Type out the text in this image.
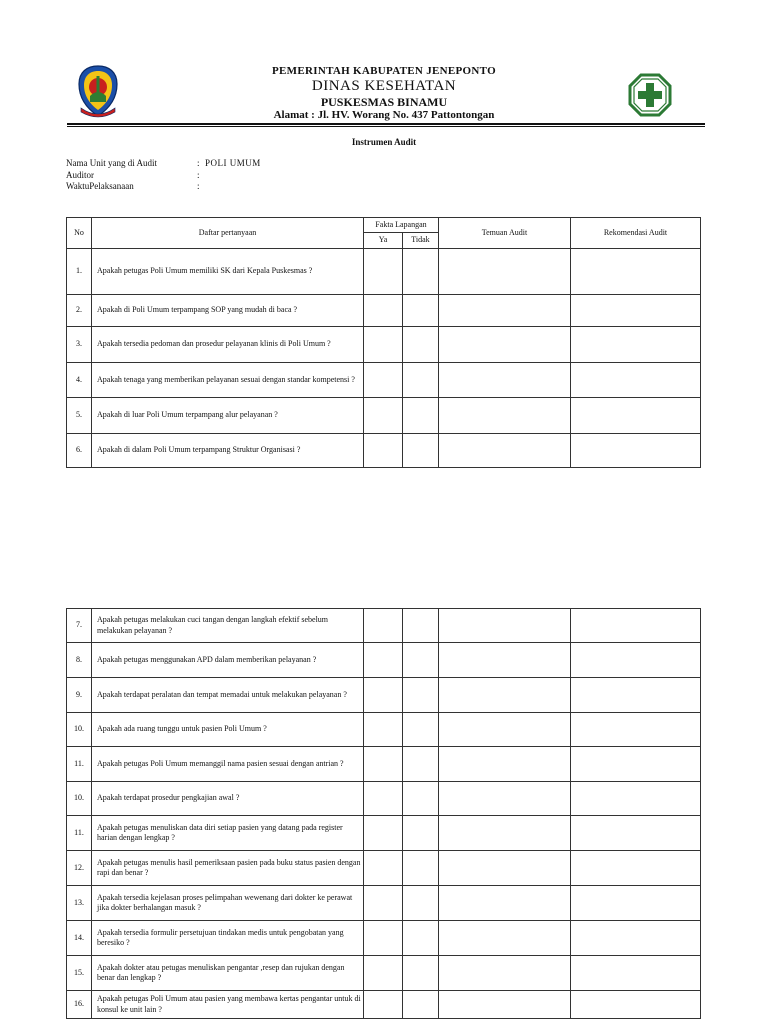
PEMERINTAH KABUPATEN JENEPONTO
DINAS KESEHATAN
PUSKESMAS BINAMU
Alamat : Jl. HV. Worang No. 437 Pattontongan
Instrumen Audit
Nama Unit yang di Audit	: POLI UMUM
Auditor	:
WaktuPelaksanaan	:
No	Daftar pertanyaan	Fakta Lapangan		Temuan Audit	Rekomendasi Audit
		Ya	Tidak		
1.	Apakah petugas Poli Umum memiliki SK dari Kepala Puskesmas ?				
2.	Apakah di Poli Umum terpampang SOP yang mudah di baca ?				
3.	Apakah tersedia pedoman dan prosedur pelayanan klinis di Poli Umum ?				
4.	Apakah tenaga yang memberikan pelayanan sesuai dengan standar kompetensi ?				
5.	Apakah di luar Poli Umum terpampang alur pelayanan ?				
6.	Apakah di dalam Poli Umum terpampang Struktur Organisasi ?				
7.	Apakah petugas melakukan cuci tangan dengan langkah efektif sebelum melakukan pelayanan ?				
8.	Apakah petugas menggunakan APD dalam memberikan pelayanan ?				
9.	Apakah terdapat peralatan dan tempat memadai untuk melakukan pelayanan ?				
10.	Apakah ada ruang tunggu untuk pasien Poli Umum ?				
11.	Apakah petugas Poli Umum memanggil nama pasien sesuai dengan antrian ?				
10.	Apakah terdapat prosedur pengkajian awal ?				
11.	Apakah petugas menuliskan data diri setiap pasien yang datang pada register harian dengan lengkap ?				
12.	Apakah petugas menulis hasil pemeriksaan pasien pada buku status pasien dengan rapi dan benar ?				
13.	Apakah tersedia kejelasan proses pelimpahan wewenang dari dokter ke perawat jika dokter berhalangan masuk ?				
14.	Apakah tersedia formulir persetujuan tindakan medis untuk pengobatan yang beresiko ?				
15.	Apakah dokter atau petugas menuliskan pengantar ,resep dan rujukan dengan benar dan lengkap ?				
16.	Apakah petugas Poli Umum atau pasien yang membawa kertas pengantar untuk di konsul ke unit lain ?				
